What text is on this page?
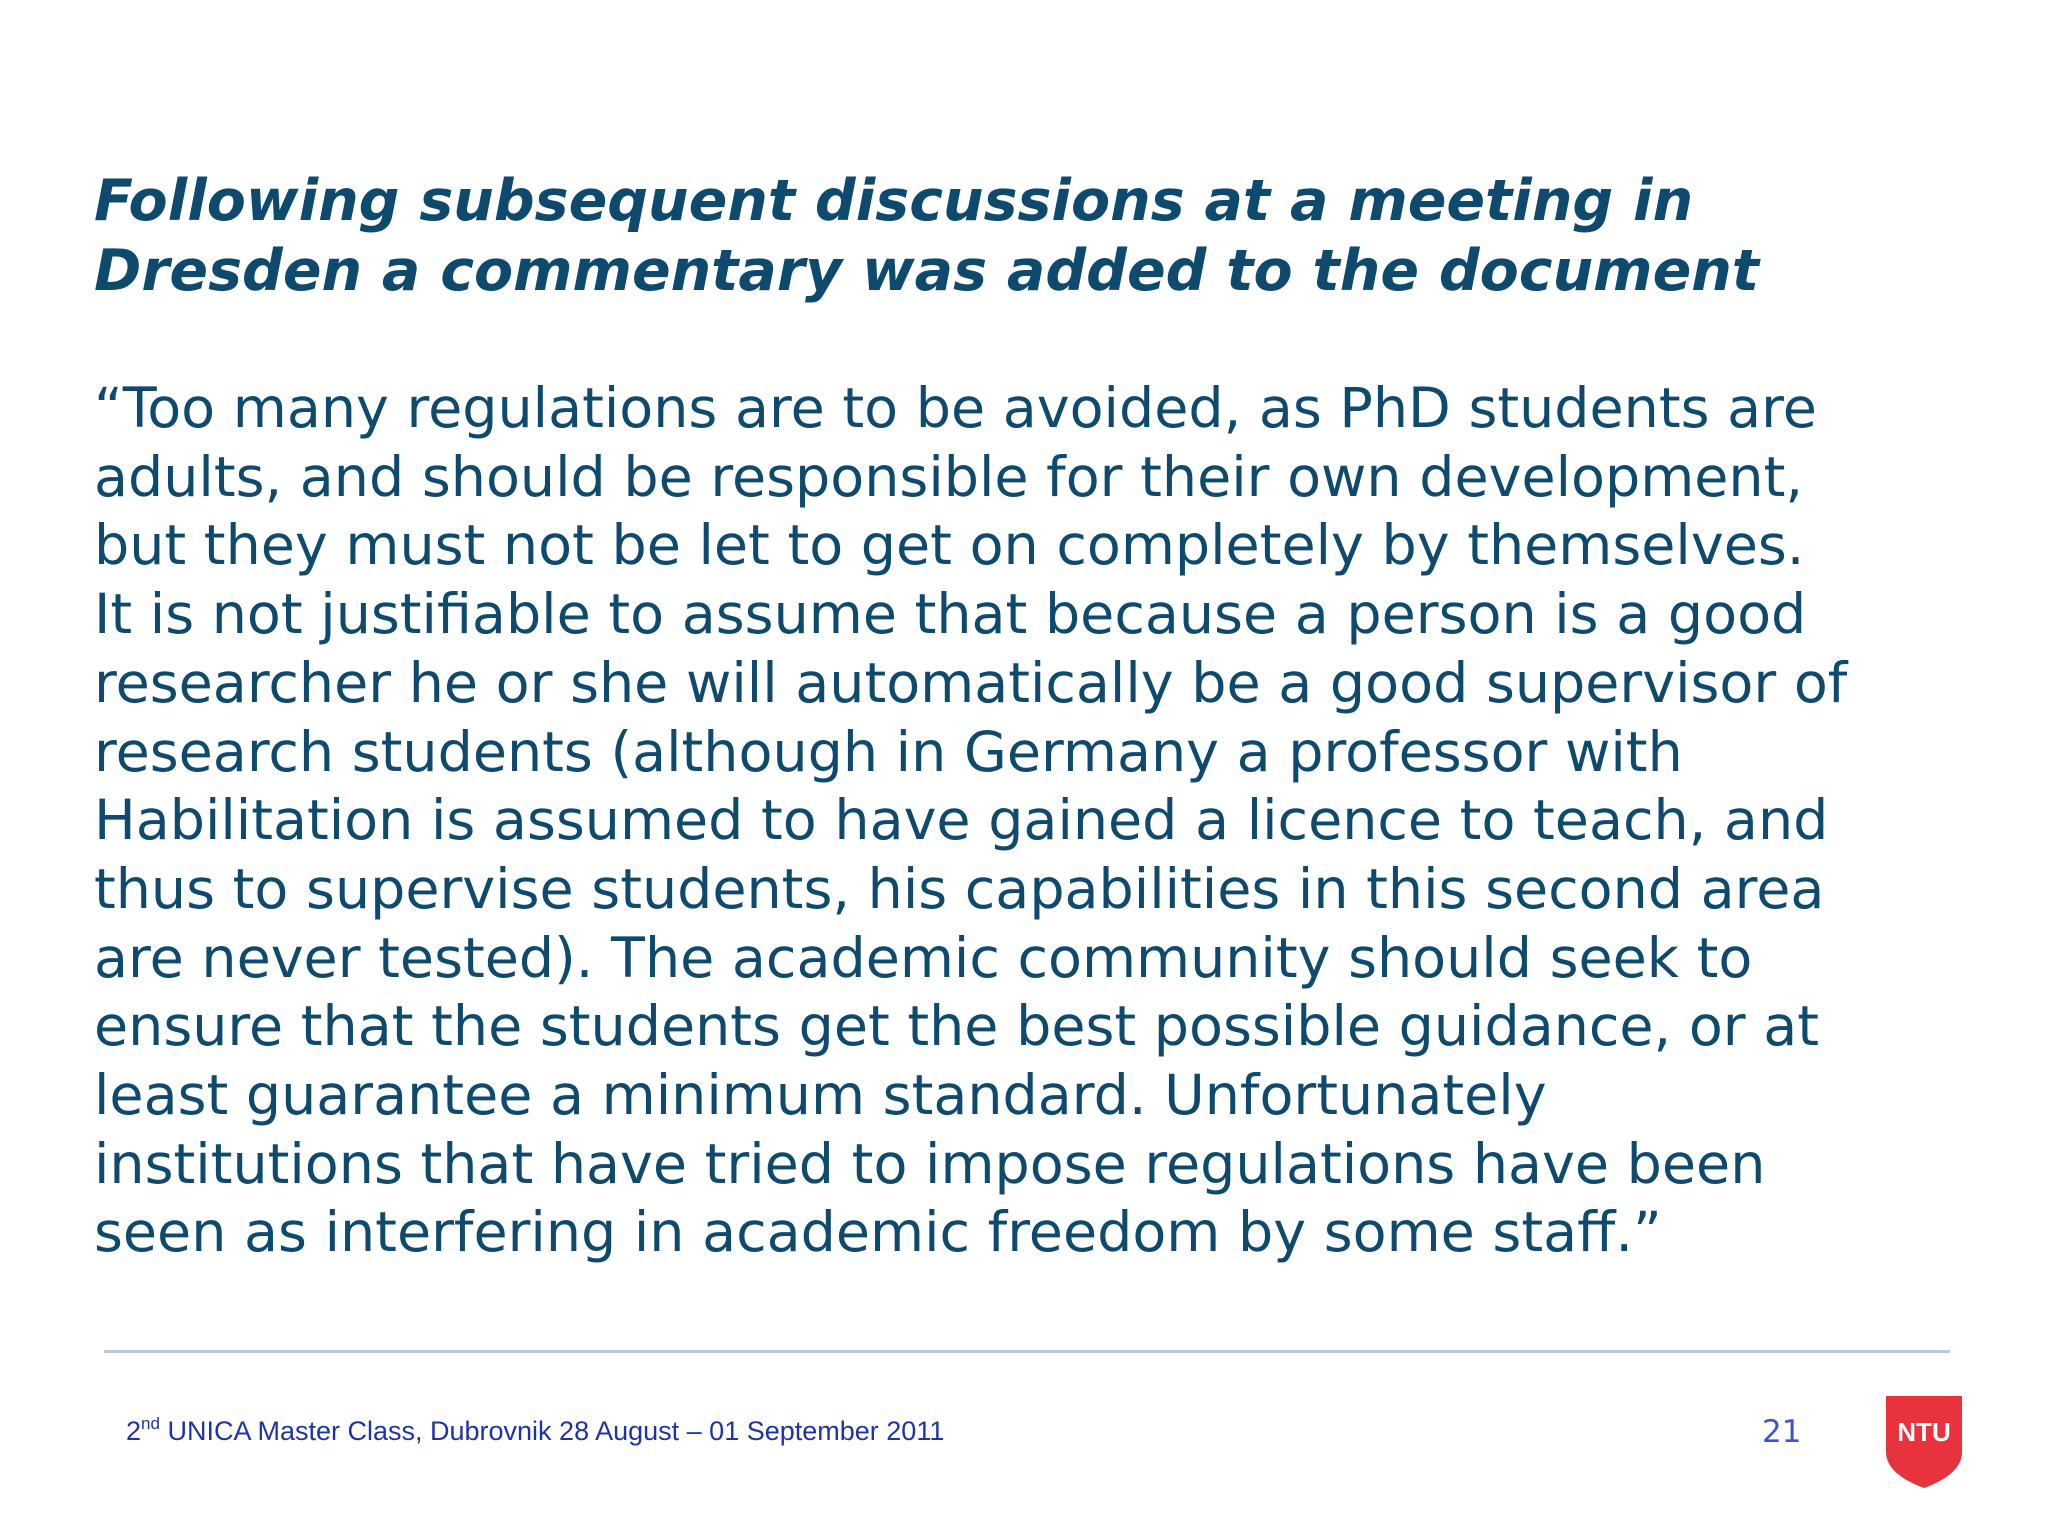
Following subsequent discussions at a meeting in
Dresden a commentary was added to the document

“Too many regulations are to be avoided, as PhD students are
adults, and should be responsible for their own development,
but they must not be let to get on completely by themselves.
It is not justifiable to assume that because a person is a good
researcher he or she will automatically be a good supervisor of
research students (although in Germany a professor with
Habilitation is assumed to have gained a licence to teach, and
thus to supervise students, his capabilities in this second area
are never tested). The academic community should seek to
ensure that the students get the best possible guidance, or at
least guarantee a minimum standard. Unfortunately
institutions that have tried to impose regulations have been
seen as interfering in academic freedom by some staff.”

2nd UNICA Master Class, Dubrovnik 28 August – 01 September 2011	21	NTU
